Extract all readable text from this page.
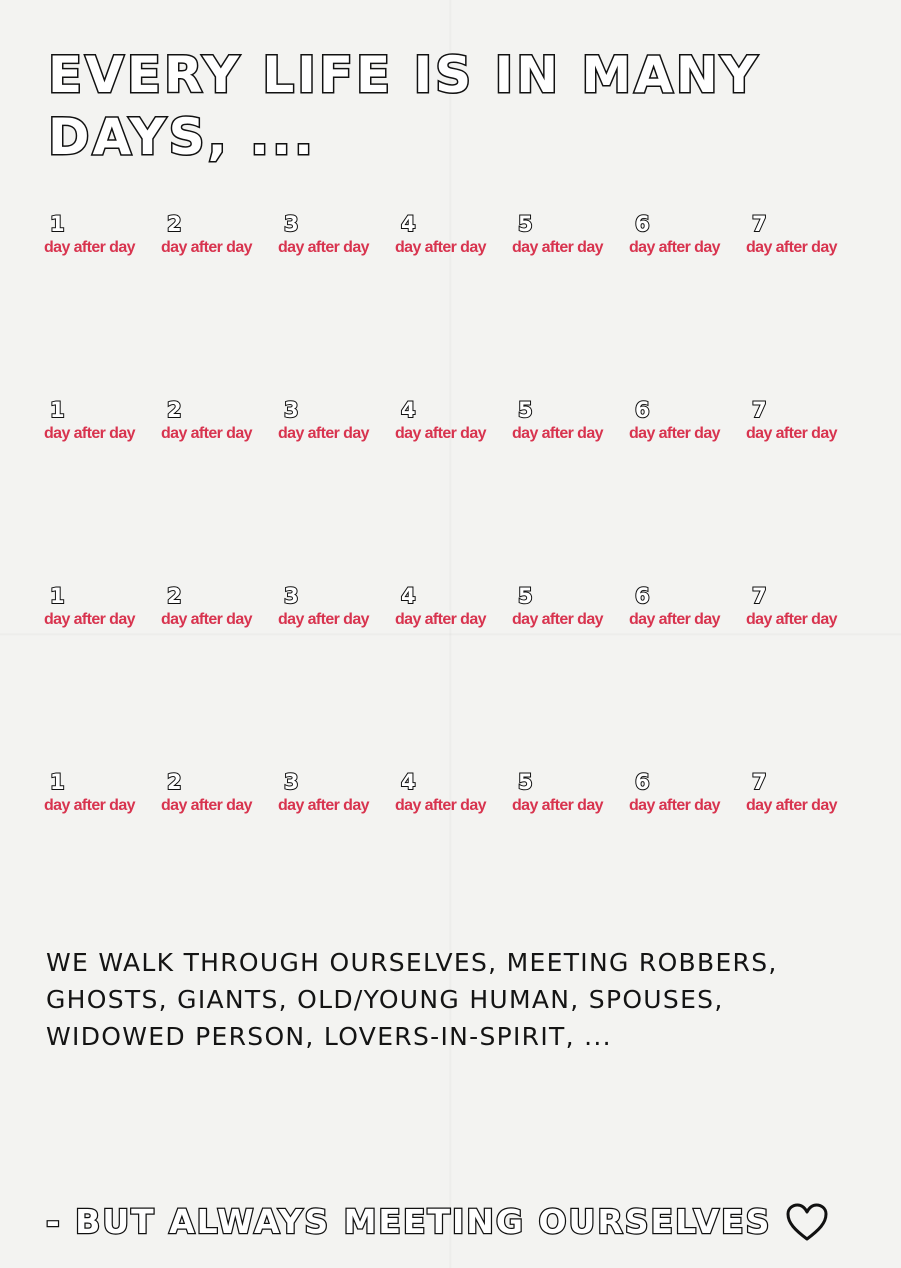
EVERY LIFE IS IN MANY DAYS, ...
1
day after day
2
day after day
3
day after day
4
day after day
5
day after day
6
day after day
7
day after day
1
day after day
2
day after day
3
day after day
4
day after day
5
day after day
6
day after day
7
day after day
1
day after day
2
day after day
3
day after day
4
day after day
5
day after day
6
day after day
7
day after day
1
day after day
2
day after day
3
day after day
4
day after day
5
day after day
6
day after day
7
day after day
WE WALK THROUGH OURSELVES, MEETING ROBBERS,
GHOSTS, GIANTS, OLD/YOUNG HUMAN, SPOUSES,
WIDOWED PERSON, LOVERS-IN-SPIRIT, ...
- BUT ALWAYS MEETING OURSELVES
